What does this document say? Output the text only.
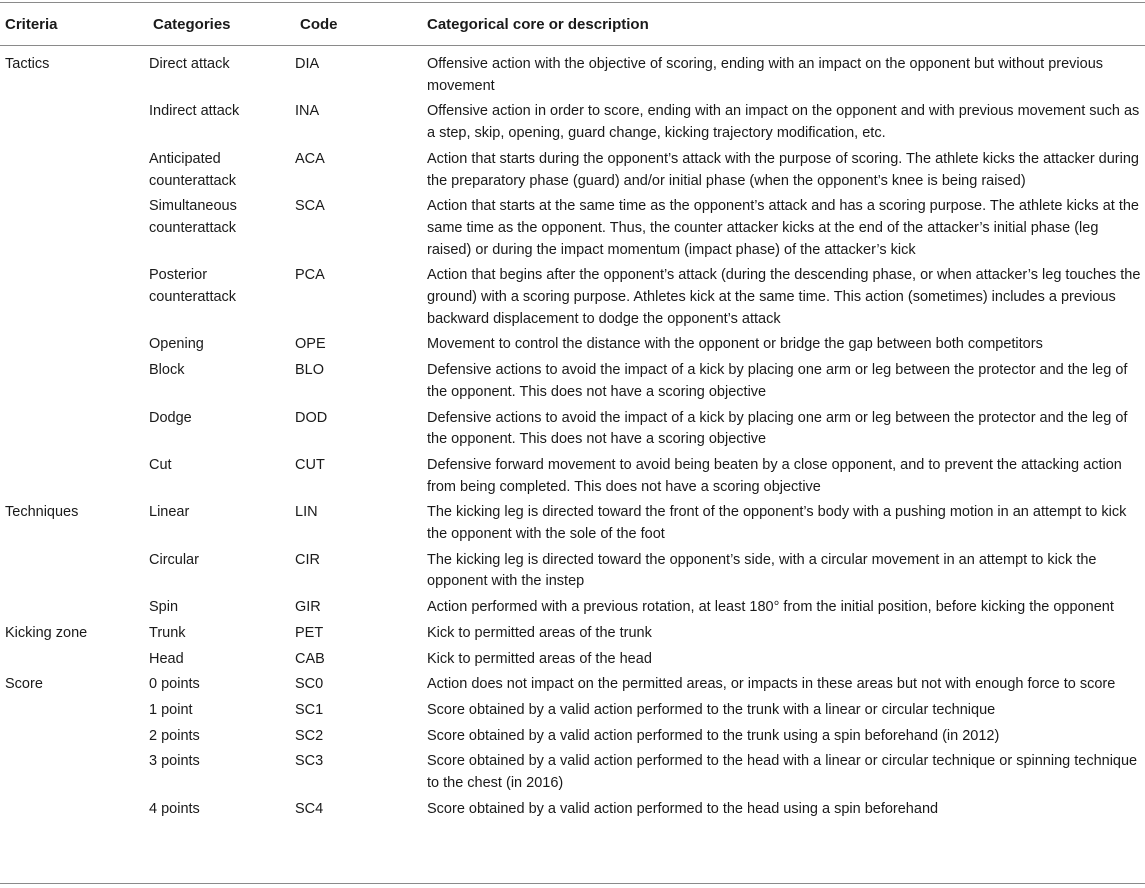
Criteria	Categories	Code	Categorical core or description
Tactics	Direct attack	DIA	Offensive action with the objective of scoring, ending with an impact on the opponent but without previous movement
	Indirect attack	INA	Offensive action in order to score, ending with an impact on the opponent and with previous movement such as a step, skip, opening, guard change, kicking trajectory modification, etc.
	Anticipated counterattack	ACA	Action that starts during the opponent’s attack with the purpose of scoring. The athlete kicks the attacker during the preparatory phase (guard) and/or initial phase (when the opponent’s knee is being raised)
	Simultaneous counterattack	SCA	Action that starts at the same time as the opponent’s attack and has a scoring purpose. The athlete kicks at the same time as the opponent. Thus, the counter attacker kicks at the end of the attacker’s initial phase (leg raised) or during the impact momentum (impact phase) of the attacker’s kick
	Posterior counterattack	PCA	Action that begins after the opponent’s attack (during the descending phase, or when attacker’s leg touches the ground) with a scoring purpose. Athletes kick at the same time. This action (sometimes) includes a previous backward displacement to dodge the opponent’s attack
	Opening	OPE	Movement to control the distance with the opponent or bridge the gap between both competitors
	Block	BLO	Defensive actions to avoid the impact of a kick by placing one arm or leg between the protector and the leg of the opponent. This does not have a scoring objective
	Dodge	DOD	Defensive actions to avoid the impact of a kick by placing one arm or leg between the protector and the leg of the opponent. This does not have a scoring objective
	Cut	CUT	Defensive forward movement to avoid being beaten by a close opponent, and to prevent the attacking action from being completed. This does not have a scoring objective
Techniques	Linear	LIN	The kicking leg is directed toward the front of the opponent’s body with a pushing motion in an attempt to kick the opponent with the sole of the foot
	Circular	CIR	The kicking leg is directed toward the opponent’s side, with a circular movement in an attempt to kick the opponent with the instep
	Spin	GIR	Action performed with a previous rotation, at least 180° from the initial position, before kicking the opponent
Kicking zone	Trunk	PET	Kick to permitted areas of the trunk
	Head	CAB	Kick to permitted areas of the head
Score	0 points	SC0	Action does not impact on the permitted areas, or impacts in these areas but not with enough force to score
	1 point	SC1	Score obtained by a valid action performed to the trunk with a linear or circular technique
	2 points	SC2	Score obtained by a valid action performed to the trunk using a spin beforehand (in 2012)
	3 points	SC3	Score obtained by a valid action performed to the head with a linear or circular technique or spinning technique to the chest (in 2016)
	4 points	SC4	Score obtained by a valid action performed to the head using a spin beforehand
